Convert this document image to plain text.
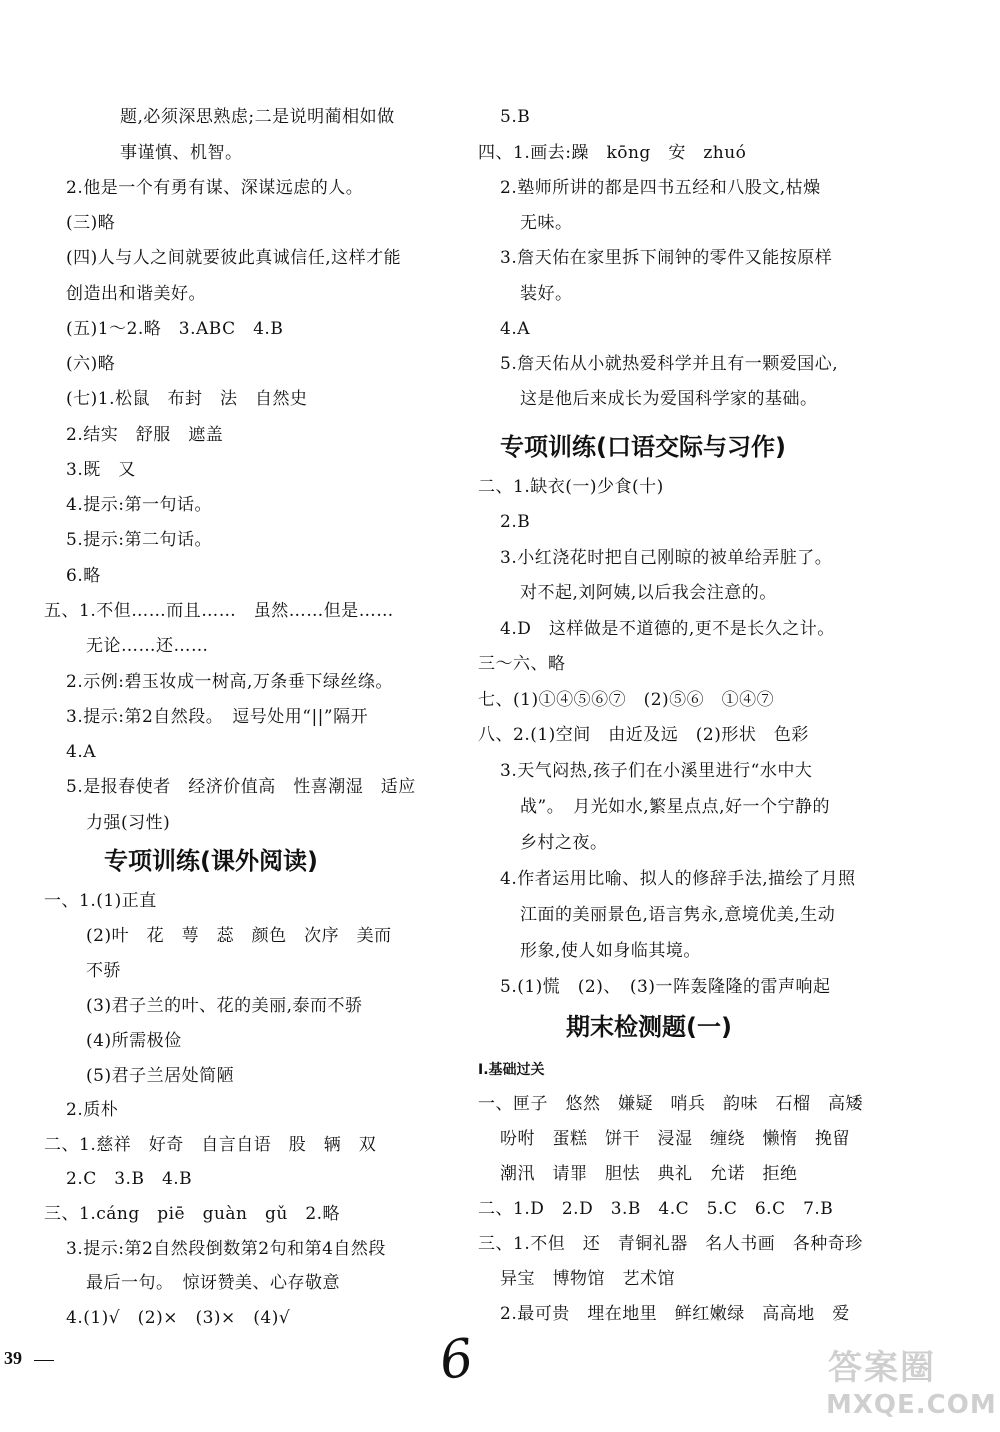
题,必须深思熟虑;二是说明蔺相如做
事谨慎、机智。
2.他是一个有勇有谋、深谋远虑的人。
(三)略
(四)人与人之间就要彼此真诚信任,这样才能
创造出和谐美好。
(五)1～2.略　3.ABC　4.B
(六)略
(七)1.松鼠　布封　法　自然史
2.结实　舒服　遮盖
3.既　又
4.提示:第一句话。
5.提示:第二句话。
6.略
五、1.不但……而且……　虽然……但是……
无论……还……
2.示例:碧玉妆成一树高,万条垂下绿丝绦。
3.提示:第2自然段。　逗号处用“||”隔开
4.A
5.是报春使者　经济价值高　性喜潮湿　适应
力强(习性)
专项训练(课外阅读)
一、1.(1)正直
(2)叶　花　萼　蕊　颜色　次序　美而
不骄
(3)君子兰的叶、花的美丽,泰而不骄
(4)所需极俭
(5)君子兰居处简陋
2.质朴
二、1.慈祥　好奇　自言自语　股　辆　双
2.C　3.B　4.B
三、1.cáng　piē　guàn　gǔ　2.略
3.提示:第2自然段倒数第2句和第4自然段
最后一句。　惊讶赞美、心存敬意
4.(1)√　(2)×　(3)×　(4)√
5.B
四、1.画去:躁　kōng　安　zhuó
2.塾师所讲的都是四书五经和八股文,枯燥
无味。
3.詹天佑在家里拆下闹钟的零件又能按原样
装好。
4.A
5.詹天佑从小就热爱科学并且有一颗爱国心,
这是他后来成长为爱国科学家的基础。
专项训练(口语交际与习作)
二、1.缺衣(一)少食(十)
2.B
3.小红浇花时把自己刚晾的被单给弄脏了。
对不起,刘阿姨,以后我会注意的。
4.D　这样做是不道德的,更不是长久之计。
三～六、略
七、(1)①④⑤⑥⑦　(2)⑤⑥　①④⑦
八、2.(1)空间　由近及远　(2)形状　色彩
3.天气闷热,孩子们在小溪里进行“水中大
战”。　月光如水,繁星点点,好一个宁静的
乡村之夜。
4.作者运用比喻、拟人的修辞手法,描绘了月照
江面的美丽景色,语言隽永,意境优美,生动
形象,使人如身临其境。
5.(1)慌　(2)、　(3)一阵轰隆隆的雷声响起
期末检测题(一)
Ⅰ.基础过关
一、匣子　悠然　嫌疑　哨兵　韵味　石榴　高矮
吩咐　蛋糕　饼干　浸湿　缠绕　懒惰　挽留
潮汛　请罪　胆怯　典礼　允诺　拒绝
二、1.D　2.D　3.B　4.C　5.C　6.C　7.B
三、1.不但　还　青铜礼器　名人书画　各种奇珍
异宝　博物馆　艺术馆
2.最可贵　埋在地里　鲜红嫩绿　高高地　爱
39	6	答案圈
MXQE.COM
